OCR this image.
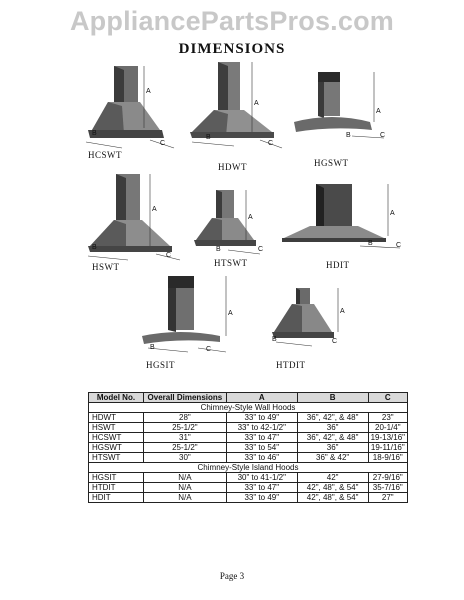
AppliancePartsPros.com
DIMENSIONS
A
B
C
HCSWT
A
B
C
HDWT
A
B	C
HGSWT
A
B
C
HSWT
A
B	C
HTSWT
A
B	C
HDIT
A
B	C
HGSIT
A
B	C
HTDIT
Model No.	Overall Dimensions	A	B	C
Chimney-Style Wall Hoods				
HDWT	28"	33" to 49"	36", 42", & 48"	23"
HSWT	25-1/2"	33" to 42-1/2"	36"	20-1/4"
HCSWT	31"	33" to 47"	36", 42", & 48"	19-13/16"
HGSWT	25-1/2"	33" to 54"	36"	19-11/16"
HTSWT	30"	33" to 46"	36" & 42"	18-9/16"
Chimney-Style Island Hoods				
HGSIT	N/A	30" to 41-1/2"	42"	27-9/16"
HTDIT	N/A	33" to 47"	42", 48", & 54"	35-7/16"
HDIT	N/A	33" to 49"	42", 48", & 54"	27"
Page 3
